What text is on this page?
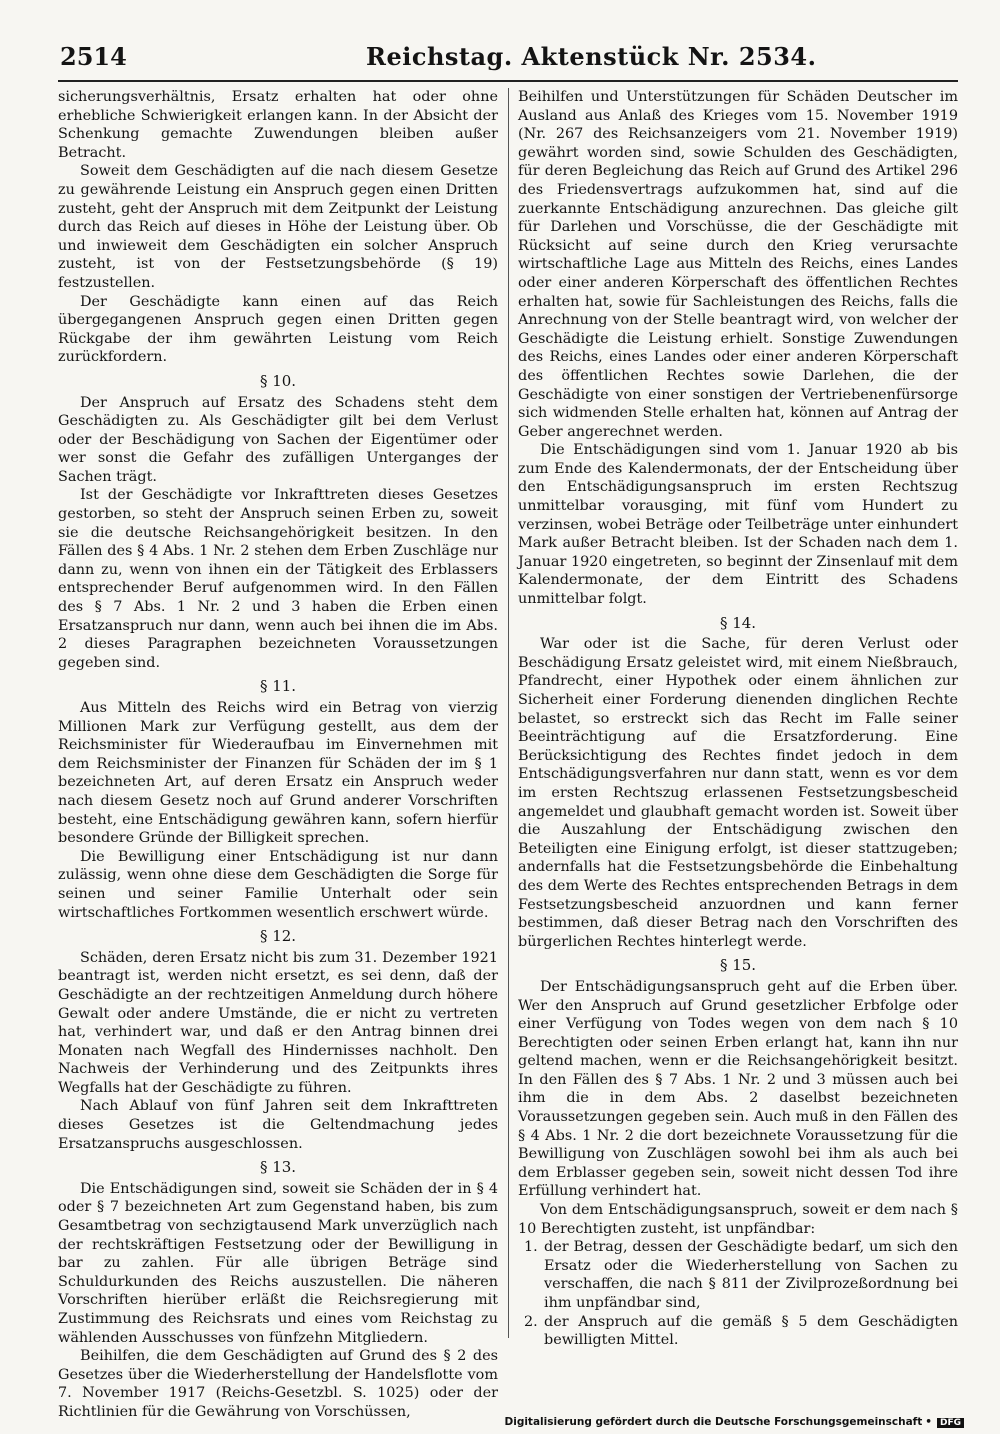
2514	Reichstag. Aktenstück Nr. 2534.

sicherungsverhältnis, Ersatz erhalten hat oder ohne erhebliche Schwierigkeit erlangen kann. In der Absicht der Schenkung gemachte Zuwendungen bleiben außer Betracht.

Soweit dem Geschädigten auf die nach diesem Gesetze zu gewährende Leistung ein Anspruch gegen einen Dritten zusteht, geht der Anspruch mit dem Zeitpunkt der Leistung durch das Reich auf dieses in Höhe der Leistung über. Ob und inwieweit dem Geschädigten ein solcher Anspruch zusteht, ist von der Festsetzungsbehörde (§ 19) festzustellen.

Der Geschädigte kann einen auf das Reich übergegangenen Anspruch gegen einen Dritten gegen Rückgabe der ihm gewährten Leistung vom Reich zurückfordern.

§ 10.

Der Anspruch auf Ersatz des Schadens steht dem Geschädigten zu. Als Geschädigter gilt bei dem Verlust oder der Beschädigung von Sachen der Eigentümer oder wer sonst die Gefahr des zufälligen Unterganges der Sachen trägt.

Ist der Geschädigte vor Inkrafttreten dieses Gesetzes gestorben, so steht der Anspruch seinen Erben zu, soweit sie die deutsche Reichsangehörigkeit besitzen. In den Fällen des § 4 Abs. 1 Nr. 2 stehen dem Erben Zuschläge nur dann zu, wenn von ihnen ein der Tätigkeit des Erblassers entsprechender Beruf aufgenommen wird. In den Fällen des § 7 Abs. 1 Nr. 2 und 3 haben die Erben einen Ersatzanspruch nur dann, wenn auch bei ihnen die im Abs. 2 dieses Paragraphen bezeichneten Voraussetzungen gegeben sind.

§ 11.

Aus Mitteln des Reichs wird ein Betrag von vierzig Millionen Mark zur Verfügung gestellt, aus dem der Reichsminister für Wiederaufbau im Einvernehmen mit dem Reichsminister der Finanzen für Schäden der im § 1 bezeichneten Art, auf deren Ersatz ein Anspruch weder nach diesem Gesetz noch auf Grund anderer Vorschriften besteht, eine Entschädigung gewähren kann, sofern hierfür besondere Gründe der Billigkeit sprechen.

Die Bewilligung einer Entschädigung ist nur dann zulässig, wenn ohne diese dem Geschädigten die Sorge für seinen und seiner Familie Unterhalt oder sein wirtschaftliches Fortkommen wesentlich erschwert würde.

§ 12.

Schäden, deren Ersatz nicht bis zum 31. Dezember 1921 beantragt ist, werden nicht ersetzt, es sei denn, daß der Geschädigte an der rechtzeitigen Anmeldung durch höhere Gewalt oder andere Umstände, die er nicht zu vertreten hat, verhindert war, und daß er den Antrag binnen drei Monaten nach Wegfall des Hindernisses nachholt. Den Nachweis der Verhinderung und des Zeitpunkts ihres Wegfalls hat der Geschädigte zu führen.

Nach Ablauf von fünf Jahren seit dem Inkrafttreten dieses Gesetzes ist die Geltendmachung jedes Ersatzanspruchs ausgeschlossen.

§ 13.

Die Entschädigungen sind, soweit sie Schäden der in § 4 oder § 7 bezeichneten Art zum Gegenstand haben, bis zum Gesamtbetrag von sechzigtausend Mark unverzüglich nach der rechtskräftigen Festsetzung oder der Bewilligung in bar zu zahlen. Für alle übrigen Beträge sind Schuldurkunden des Reichs auszustellen. Die näheren Vorschriften hierüber erläßt die Reichsregierung mit Zustimmung des Reichsrats und eines vom Reichstag zu wählenden Ausschusses von fünfzehn Mitgliedern.

Beihilfen, die dem Geschädigten auf Grund des § 2 des Gesetzes über die Wiederherstellung der Handelsflotte vom 7. November 1917 (Reichs-Gesetzbl. S. 1025) oder der Richtlinien für die Gewährung von Vorschüssen,

Beihilfen und Unterstützungen für Schäden Deutscher im Ausland aus Anlaß des Krieges vom 15. November 1919 (Nr. 267 des Reichsanzeigers vom 21. November 1919) gewährt worden sind, sowie Schulden des Geschädigten, für deren Begleichung das Reich auf Grund des Artikel 296 des Friedensvertrags aufzukommen hat, sind auf die zuerkannte Entschädigung anzurechnen. Das gleiche gilt für Darlehen und Vorschüsse, die der Geschädigte mit Rücksicht auf seine durch den Krieg verursachte wirtschaftliche Lage aus Mitteln des Reichs, eines Landes oder einer anderen Körperschaft des öffentlichen Rechtes erhalten hat, sowie für Sachleistungen des Reichs, falls die Anrechnung von der Stelle beantragt wird, von welcher der Geschädigte die Leistung erhielt. Sonstige Zuwendungen des Reichs, eines Landes oder einer anderen Körperschaft des öffentlichen Rechtes sowie Darlehen, die der Geschädigte von einer sonstigen der Vertriebenenfürsorge sich widmenden Stelle erhalten hat, können auf Antrag der Geber angerechnet werden.

Die Entschädigungen sind vom 1. Januar 1920 ab bis zum Ende des Kalendermonats, der der Entscheidung über den Entschädigungsanspruch im ersten Rechtszug unmittelbar vorausging, mit fünf vom Hundert zu verzinsen, wobei Beträge oder Teilbeträge unter einhundert Mark außer Betracht bleiben. Ist der Schaden nach dem 1. Januar 1920 eingetreten, so beginnt der Zinsenlauf mit dem Kalendermonate, der dem Eintritt des Schadens unmittelbar folgt.

§ 14.

War oder ist die Sache, für deren Verlust oder Beschädigung Ersatz geleistet wird, mit einem Nießbrauch, Pfandrecht, einer Hypothek oder einem ähnlichen zur Sicherheit einer Forderung dienenden dinglichen Rechte belastet, so erstreckt sich das Recht im Falle seiner Beeinträchtigung auf die Ersatzforderung. Eine Berücksichtigung des Rechtes findet jedoch in dem Entschädigungsverfahren nur dann statt, wenn es vor dem im ersten Rechtszug erlassenen Festsetzungsbescheid angemeldet und glaubhaft gemacht worden ist. Soweit über die Auszahlung der Entschädigung zwischen den Beteiligten eine Einigung erfolgt, ist dieser stattzugeben; andernfalls hat die Festsetzungsbehörde die Einbehaltung des dem Werte des Rechtes entsprechenden Betrags in dem Festsetzungsbescheid anzuordnen und kann ferner bestimmen, daß dieser Betrag nach den Vorschriften des bürgerlichen Rechtes hinterlegt werde.

§ 15.

Der Entschädigungsanspruch geht auf die Erben über. Wer den Anspruch auf Grund gesetzlicher Erbfolge oder einer Verfügung von Todes wegen von dem nach § 10 Berechtigten oder seinen Erben erlangt hat, kann ihn nur geltend machen, wenn er die Reichsangehörigkeit besitzt. In den Fällen des § 7 Abs. 1 Nr. 2 und 3 müssen auch bei ihm die in dem Abs. 2 daselbst bezeichneten Voraussetzungen gegeben sein. Auch muß in den Fällen des § 4 Abs. 1 Nr. 2 die dort bezeichnete Voraussetzung für die Bewilligung von Zuschlägen sowohl bei ihm als auch bei dem Erblasser gegeben sein, soweit nicht dessen Tod ihre Erfüllung verhindert hat.

Von dem Entschädigungsanspruch, soweit er dem nach § 10 Berechtigten zusteht, ist unpfändbar:

1. der Betrag, dessen der Geschädigte bedarf, um sich den Ersatz oder die Wiederherstellung von Sachen zu verschaffen, die nach § 811 der Zivilprozeßordnung bei ihm unpfändbar sind,

2. der Anspruch auf die gemäß § 5 dem Geschädigten bewilligten Mittel.

Digitalisierung gefördert durch die Deutsche Forschungsgemeinschaft • DFG
